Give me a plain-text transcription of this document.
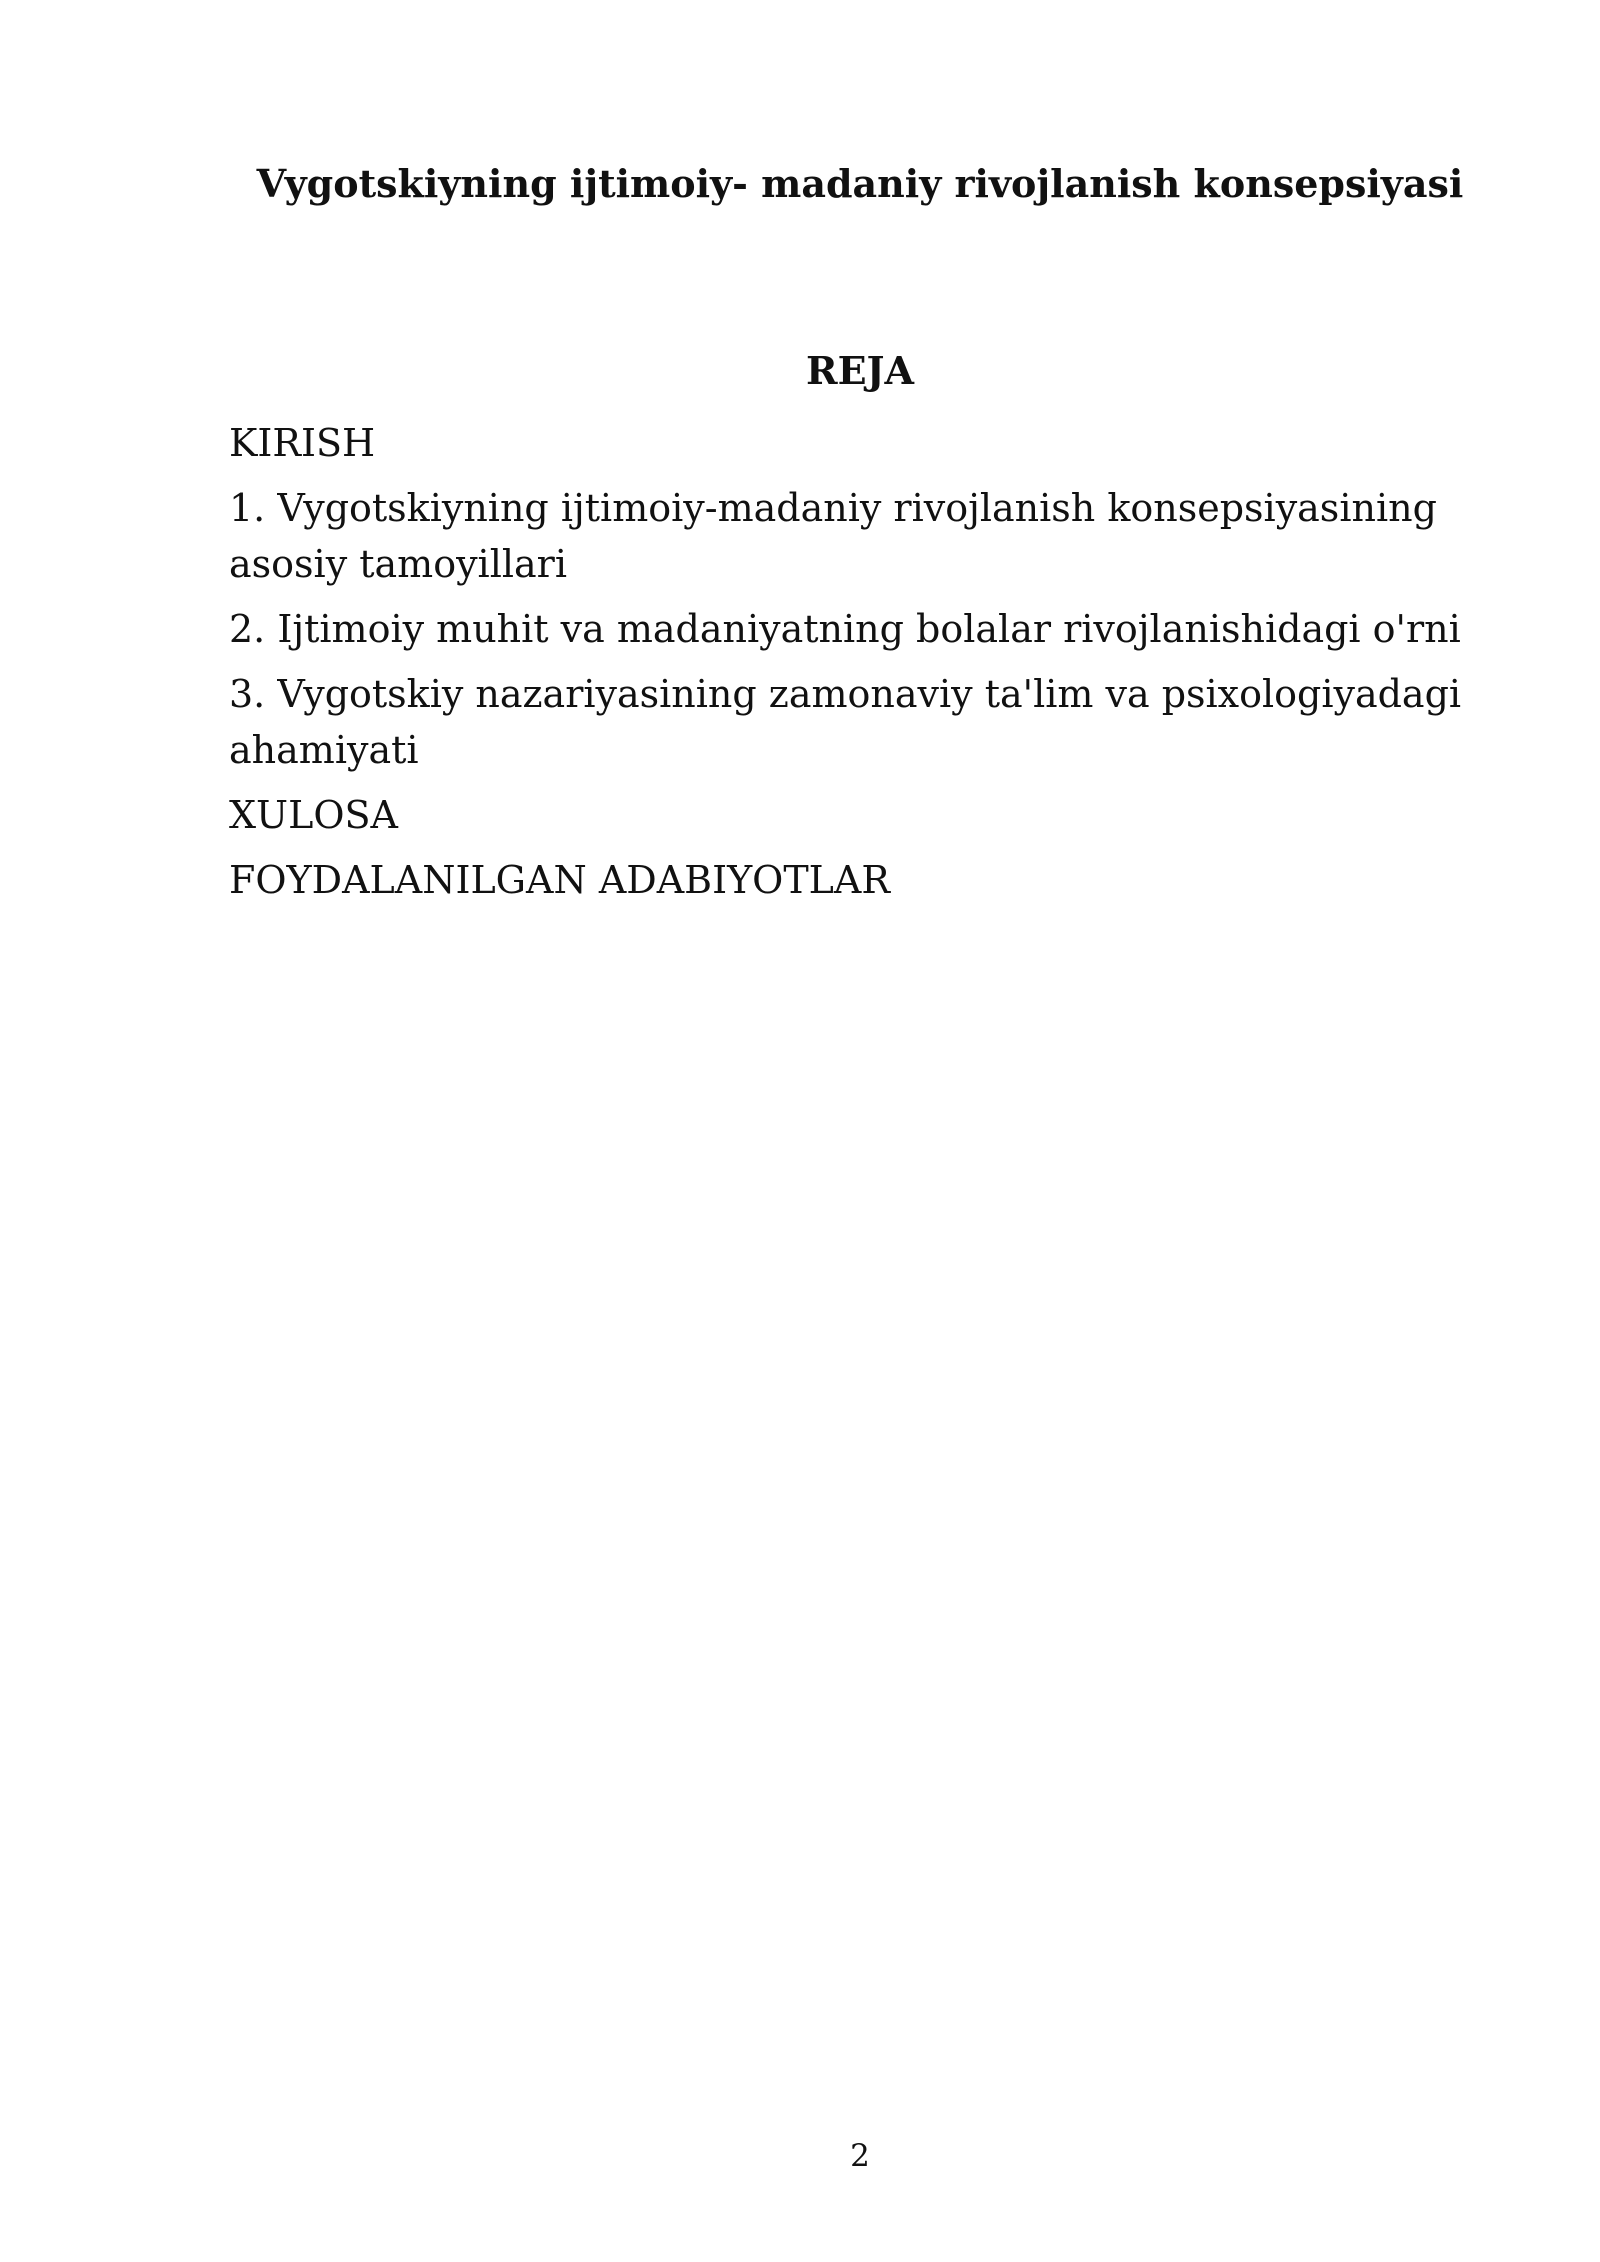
Vygotskiyning ijtimoiy- madaniy rivojlanish konsepsiyasi
REJA
KIRISH
1. Vygotskiyning ijtimoiy-madaniy rivojlanish konsepsiyasining asosiy tamoyillari
2. Ijtimoiy muhit va madaniyatning bolalar rivojlanishidagi o'rni
3. Vygotskiy nazariyasining zamonaviy ta'lim va psixologiyadagi ahamiyati
XULOSA
FOYDALANILGAN ADABIYOTLAR
2
